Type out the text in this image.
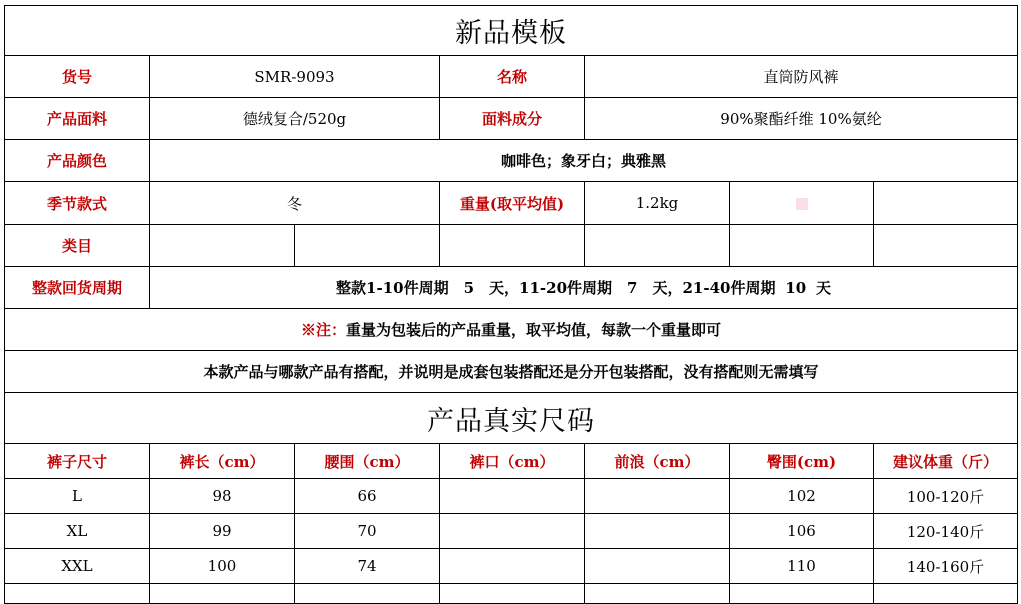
新品模板						
货号	SMR-9093		名称	直筒防风裤		
产品面料	德绒复合/520g		面料成分	90%聚酯纤维 10%氨纶		
产品颜色	咖啡色；象牙白；典雅黑					
季节款式	冬		重量(取平均值)	1.2kg		
类目						
整款回货周期	整款1-10件周期 5 天，11-20件周期 7 天，21-40件周期 10 天					
※注：重量为包装后的产品重量，取平均值，每款一个重量即可						
本款产品与哪款产品有搭配，并说明是成套包装搭配还是分开包装搭配，没有搭配则无需填写						
产品真实尺码						
裤子尺寸	裤长（cm）	腰围（cm）	裤口（cm）	前浪（cm）	臀围(cm)	建议体重（斤）
L	98	66			102	100-120斤
XL	99	70			106	120-140斤
XXL	100	74			110	140-160斤
